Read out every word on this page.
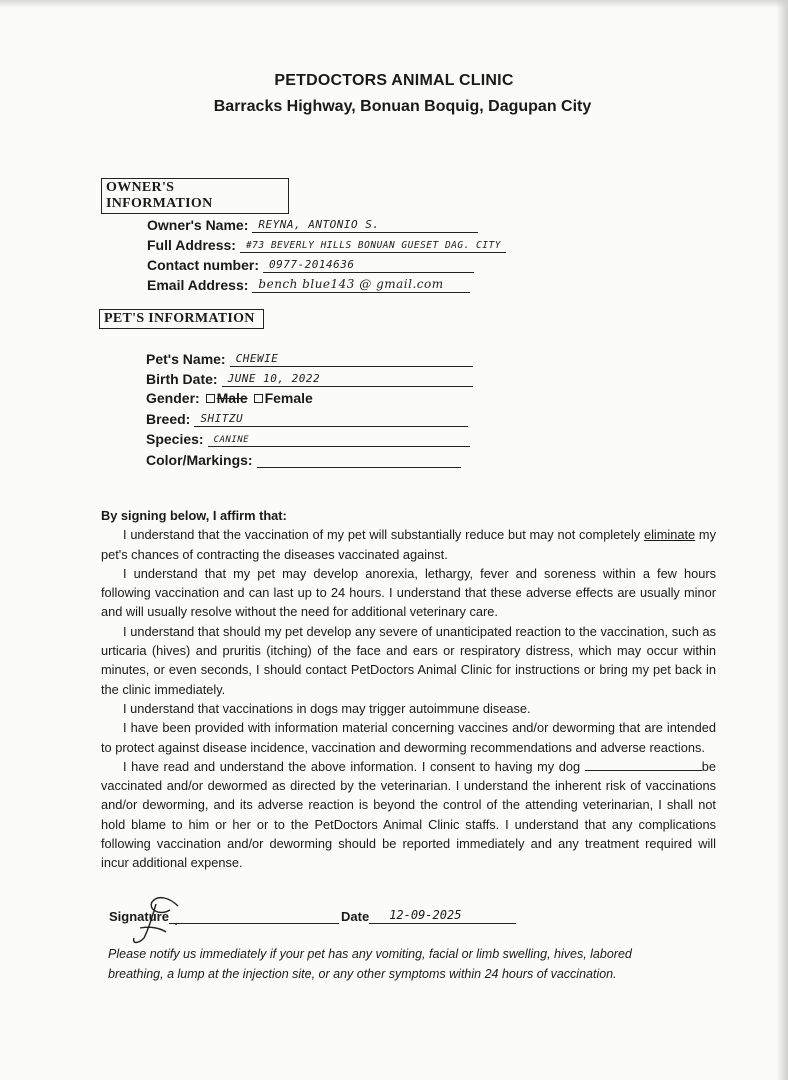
PETDOCTORS ANIMAL CLINIC
Barracks Highway, Bonuan Boquig, Dagupan City
OWNER'S INFORMATION
Owner's Name: REYNA, ANTONIO S.
Full Address: #73 BEVERLY HILLS BONUAN GUESET DAG. CITY
Contact number: 0977-2014636
Email Address: bench blue143 @ gmail.com
PET'S INFORMATION
Pet's Name: CHEWIE
Birth Date: JUNE 10, 2022
Gender: Male Female
Breed: SHITZU
Species: CANINE
Color/Markings:
By signing below, I affirm that:

I understand that the vaccination of my pet will substantially reduce but may not completely eliminate my pet's chances of contracting the diseases vaccinated against.

I understand that my pet may develop anorexia, lethargy, fever and soreness within a few hours following vaccination and can last up to 24 hours. I understand that these adverse effects are usually minor and will usually resolve without the need for additional veterinary care.

I understand that should my pet develop any severe of unanticipated reaction to the vaccination, such as urticaria (hives) and pruritis (itching) of the face and ears or respiratory distress, which may occur within minutes, or even seconds, I should contact PetDoctors Animal Clinic for instructions or bring my pet back in the clinic immediately.

I understand that vaccinations in dogs may trigger autoimmune disease.

I have been provided with information material concerning vaccines and/or deworming that are intended to protect against disease incidence, vaccination and deworming recommendations and adverse reactions.

I have read and understand the above information. I consent to having my dog	be vaccinated and/or dewormed as directed by the veterinarian. I understand the inherent risk of vaccinations and/or deworming, and its adverse reaction is beyond the control of the attending veterinarian, I shall not hold blame to him or her or to the PetDoctors Animal Clinic staffs. I understand that any complications following vaccination and/or deworming should be reported immediately and any treatment required will incur additional expense.

Signature	Date 12-09-2025
Please notify us immediately if your pet has any vomiting, facial or limb swelling, hives, labored breathing, a lump at the injection site, or any other symptoms within 24 hours of vaccination.
